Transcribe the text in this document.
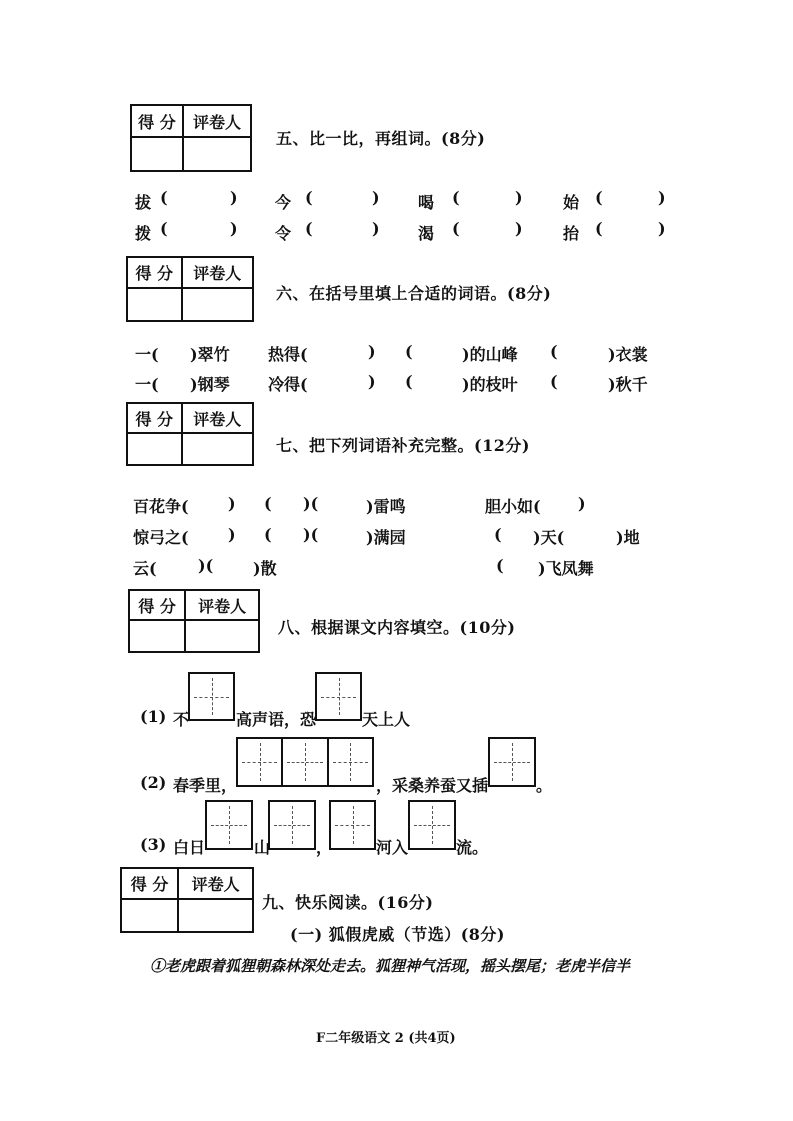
得 分	评卷人
五、比一比，再组词。(8分)
拔 (	) 今 (	) 喝 (	)	始 (	)
拨 (	) 令 (	) 渴 (	)	抬 (	)
得 分	评卷人
六、在括号里填上合适的词语。(8分)
一( )翠竹 热得(	) (	)的山峰 (	)衣裳
一( )钢琴 冷得(	) (	)的枝叶 (	)秋千
得 分	评卷人
七、把下列词语补充完整。(12分)
百花争( ) ( )(	)雷鸣	胆小如( )
惊弓之( ) ( )(	)满园	( )天(	)地
云(	)( )散	( )飞凤舞
得 分	评卷人
八、根据课文内容填空。(10分)
(1) 不	高声语，恐	天上人
(2) 春季里，	，采桑养蚕又插	。
(3) 白日	山	，	河入	流。
得 分	评卷人
九、快乐阅读。(16分)
(一) 狐假虎威（节选）(8分)
①老虎跟着狐狸朝森林深处走去。狐狸神气活现，摇头摆尾；老虎半信半
F二年级语文 2 (共4页)
